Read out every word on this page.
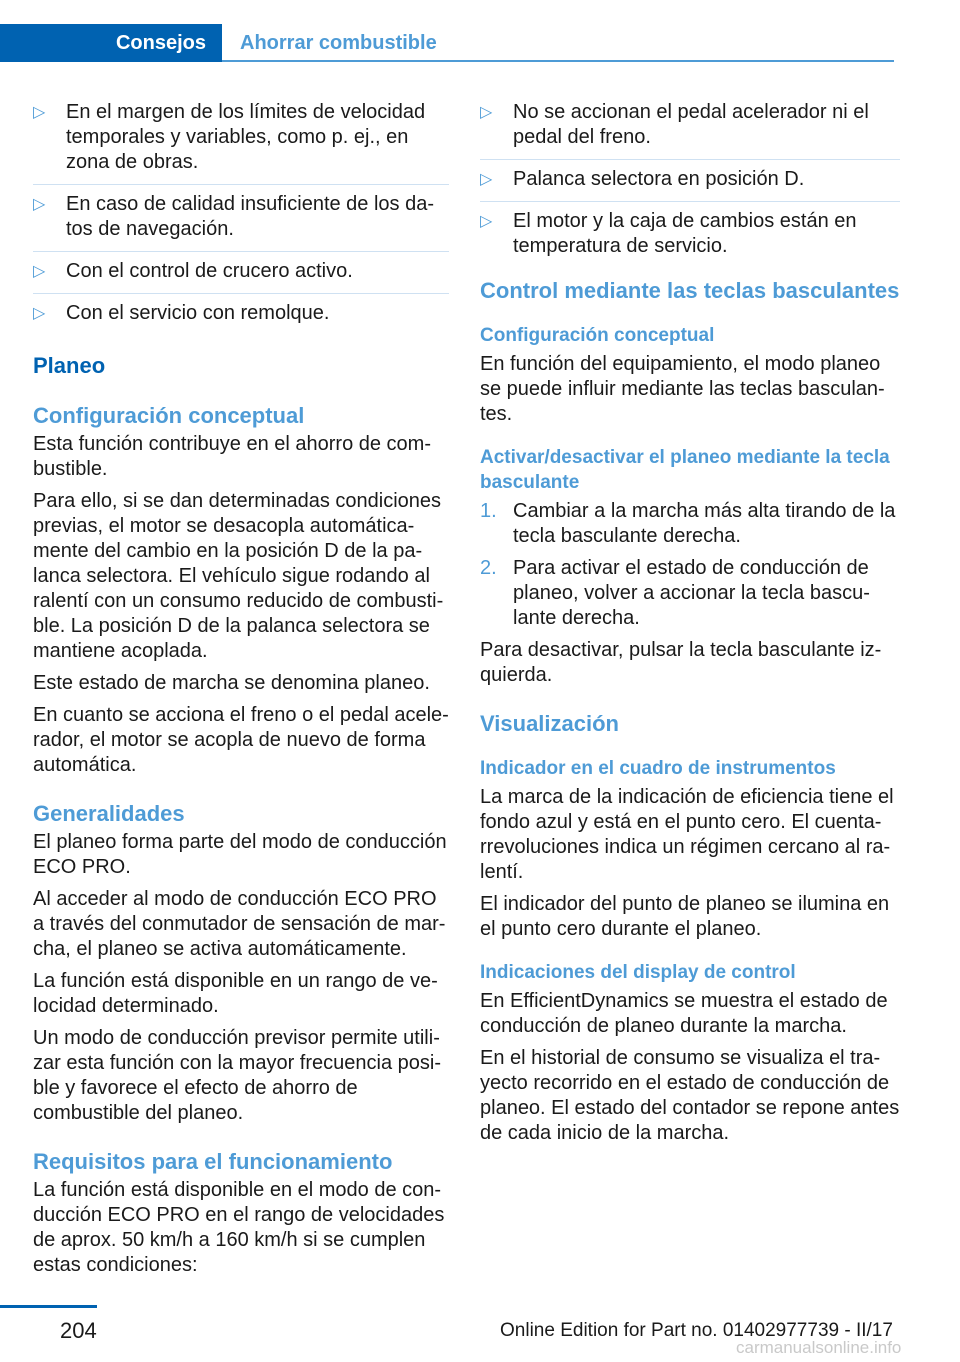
Consejos	Ahorrar combustible
▷ En el margen de los límites de velocidad temporales y variables, como p. ej., en zona de obras.
▷ En caso de calidad insuficiente de los datos de navegación.
▷ Con el control de crucero activo.
▷ Con el servicio con remolque.
Planeo
Configuración conceptual

Esta función contribuye en el ahorro de combustible.

Para ello, si se dan determinadas condiciones previas, el motor se desacopla automáticamente del cambio en la posición D de la palanca selectora. El vehículo sigue rodando al ralentí con un consumo reducido de combustible. La posición D de la palanca selectora se mantiene acoplada.

Este estado de marcha se denomina planeo.

En cuanto se acciona el freno o el pedal acelerador, el motor se acopla de nuevo de forma automática.

Generalidades

El planeo forma parte del modo de conducción ECO PRO.

Al acceder al modo de conducción ECO PRO a través del conmutador de sensación de marcha, el planeo se activa automáticamente.

La función está disponible en un rango de velocidad determinado.

Un modo de conducción previsor permite utilizar esta función con la mayor frecuencia posible y favorece el efecto de ahorro de combustible del planeo.

Requisitos para el funcionamiento

La función está disponible en el modo de conducción ECO PRO en el rango de velocidades de aprox. 50 km/h a 160 km/h si se cumplen estas condiciones:

▷ No se accionan el pedal acelerador ni el pedal del freno.
▷ Palanca selectora en posición D.
▷ El motor y la caja de cambios están en temperatura de servicio.
Control mediante las teclas basculantes
Configuración conceptual

En función del equipamiento, el modo planeo se puede influir mediante las teclas basculantes.

Activar/desactivar el planeo mediante la tecla basculante
1. Cambiar a la marcha más alta tirando de la tecla basculante derecha.
2. Para activar el estado de conducción de planeo, volver a accionar la tecla basculante derecha.

Para desactivar, pulsar la tecla basculante izquierda.

Visualización
Indicador en el cuadro de instrumentos

La marca de la indicación de eficiencia tiene el fondo azul y está en el punto cero. El cuentarrevoluciones indica un régimen cercano al ralentí.

El indicador del punto de planeo se ilumina en el punto cero durante el planeo.

Indicaciones del display de control

En EfficientDynamics se muestra el estado de conducción de planeo durante la marcha.

En el historial de consumo se visualiza el trayecto recorrido en el estado de conducción de planeo. El estado del contador se repone antes de cada inicio de la marcha.

204	Online Edition for Part no. 01402977739 - II/17
carmanualsonline.info
